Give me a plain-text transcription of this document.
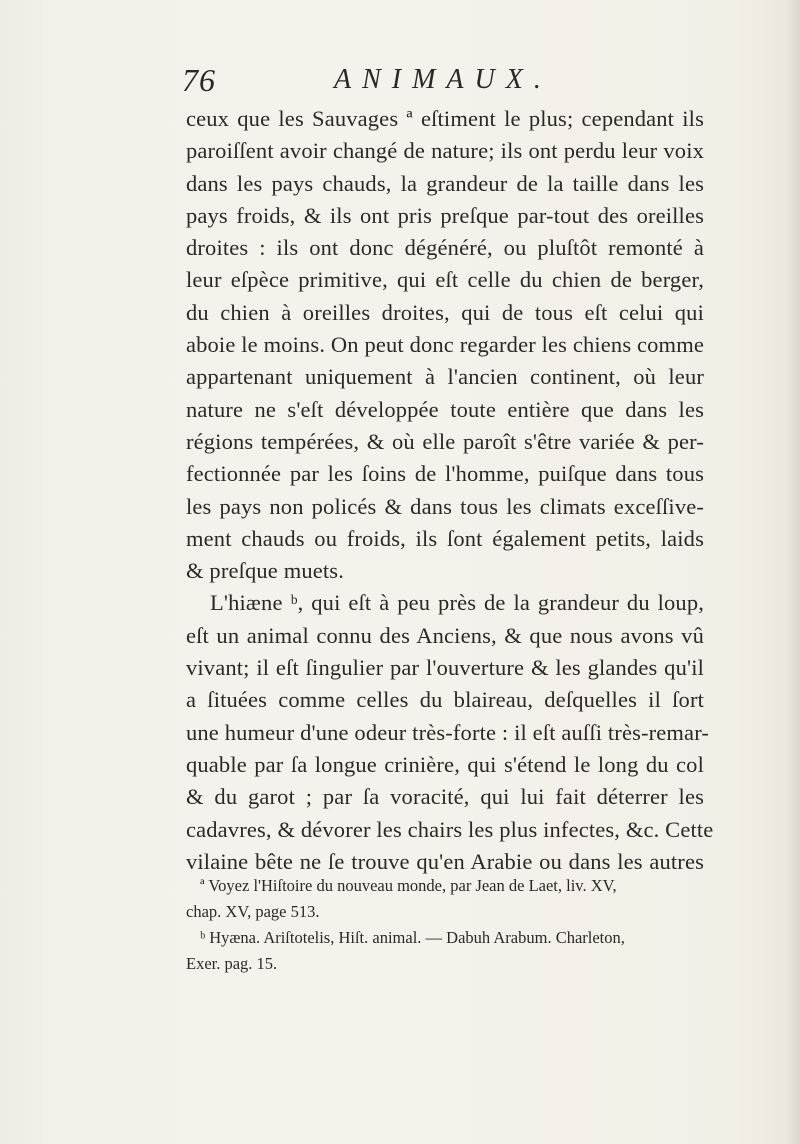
76	ANIMAUX.
ceux que les Sauvages ª eſtiment le plus; cependant ils
paroiſſent avoir changé de nature; ils ont perdu leur voix
dans les pays chauds, la grandeur de la taille dans les
pays froids, & ils ont pris preſque par-tout des oreilles
droites : ils ont donc dégénéré, ou pluſtôt remonté à
leur eſpèce primitive, qui eſt celle du chien de berger,
du chien à oreilles droites, qui de tous eſt celui qui
aboie le moins. On peut donc regarder les chiens comme
appartenant uniquement à l'ancien continent, où leur
nature ne s'eſt développée toute entière que dans les
régions tempérées, & où elle paroît s'être variée & per-
fectionnée par les ſoins de l'homme, puiſque dans tous
les pays non policés & dans tous les climats exceſſive-
ment chauds ou froids, ils ſont également petits, laids
& preſque muets.
L'hiæne ᵇ, qui eſt à peu près de la grandeur du loup,
eſt un animal connu des Anciens, & que nous avons vû
vivant; il eſt ſingulier par l'ouverture & les glandes qu'il
a ſituées comme celles du blaireau, deſquelles il ſort
une humeur d'une odeur très-forte : il eſt auſſi très-remar-
quable par ſa longue crinière, qui s'étend le long du col
& du garot ; par ſa voracité, qui lui fait déterrer les
cadavres, & dévorer les chairs les plus infectes, &c. Cette
vilaine bête ne ſe trouve qu'en Arabie ou dans les autres
ª Voyez l'Hiſtoire du nouveau monde, par Jean de Laet, liv. XV,
chap. XV, page 513.
ᵇ Hyæna. Ariſtotelis, Hiſt. animal. — Dabuh Arabum. Charleton,
Exer. pag. 15.
